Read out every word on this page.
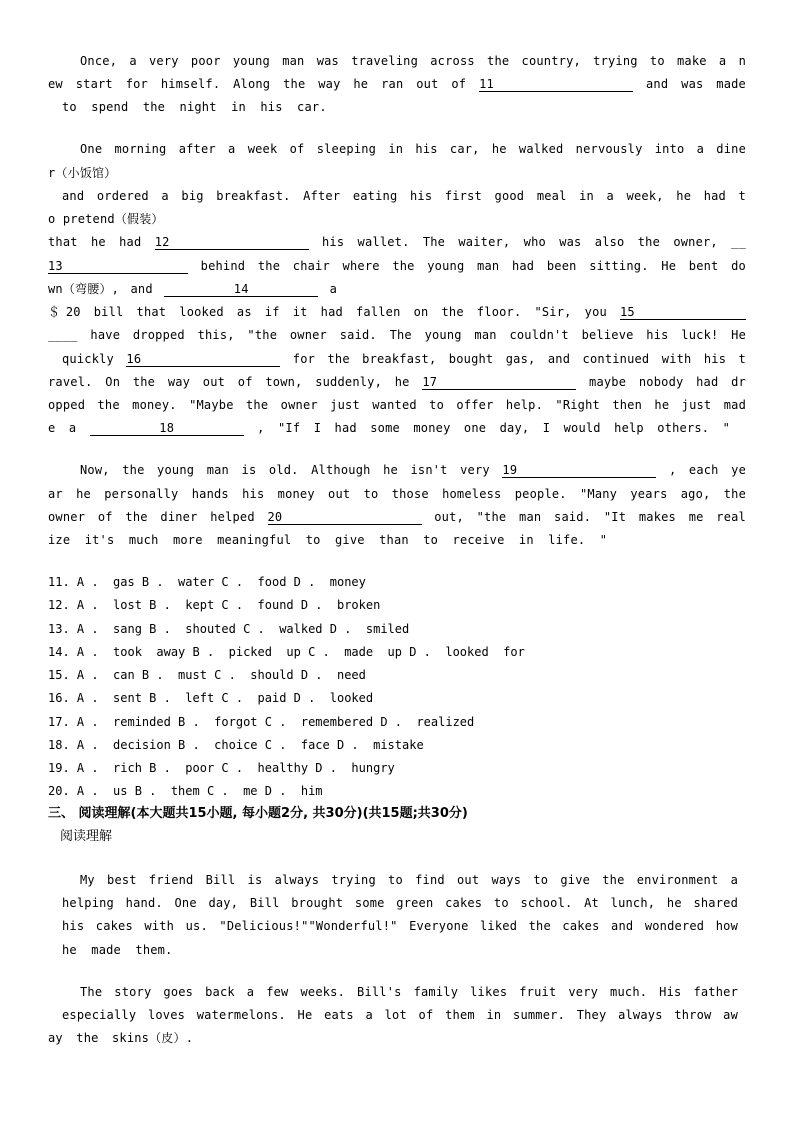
Once, a very poor young man was traveling across the country, trying to make a n
ew start for himself. Along the way he ran out of 11	and was made
to spend the night in his car.
One morning after a week of sleeping in his car, he walked nervously into a dine
r（小饭馆）
and ordered a big breakfast. After eating his first good meal in a week, he had t
o pretend（假装）
that he had 12	his wallet. The waiter, who was also the owner, __
13	behind the chair where the young man had been sitting. He bent do
wn（弯腰）, and	14	a
＄20 bill that looked as if it had fallen on the floor. "Sir, you 15
____ have dropped this, "the owner said. The young man couldn't believe his luck! He
quickly 16	for the breakfast, bought gas, and continued with his t
ravel. On the way out of town, suddenly, he 17	maybe nobody had dr
opped the money. "Maybe the owner just wanted to offer help. "Right then he just mad
e a	18	, "If I had some money one day, I would help others. "
Now, the young man is old. Although he isn't very 19	, each ye
ar he personally hands his money out to those homeless people. "Many years ago, the
owner of the diner helped 20	out, "the man said. "It makes me real
ize it's much more meaningful to give than to receive in life. "
11. A .  gas B .  water C .  food D .  money
12. A .  lost B .  kept C .  found D .  broken
13. A .  sang B .  shouted C .  walked D .  smiled
14. A .  took  away B .  picked  up C .  made  up D .  looked  for
15. A .  can B .  must C .  should D .  need
16. A .  sent B .  left C .  paid D .  looked
17. A .  reminded B .  forgot C .  remembered D .  realized
18. A .  decision B .  choice C .  face D .  mistake
19. A .  rich B .  poor C .  healthy D .  hungry
20. A .  us B .  them C .  me D .  him
三、 阅读理解(本大题共15小题, 每小题2分, 共30分)(共15题;共30分)
阅读理解
My best friend Bill is always trying to find out ways to give the environment a
helping hand. One day, Bill brought some green cakes to school. At lunch, he shared
his cakes with us. "Delicious!""Wonderful!" Everyone liked the cakes and wondered how
he made them.
The story goes back a few weeks. Bill's family likes fruit very much. His father
especially loves watermelons. He eats a lot of them in summer. They always throw aw
ay the skins（皮）.
